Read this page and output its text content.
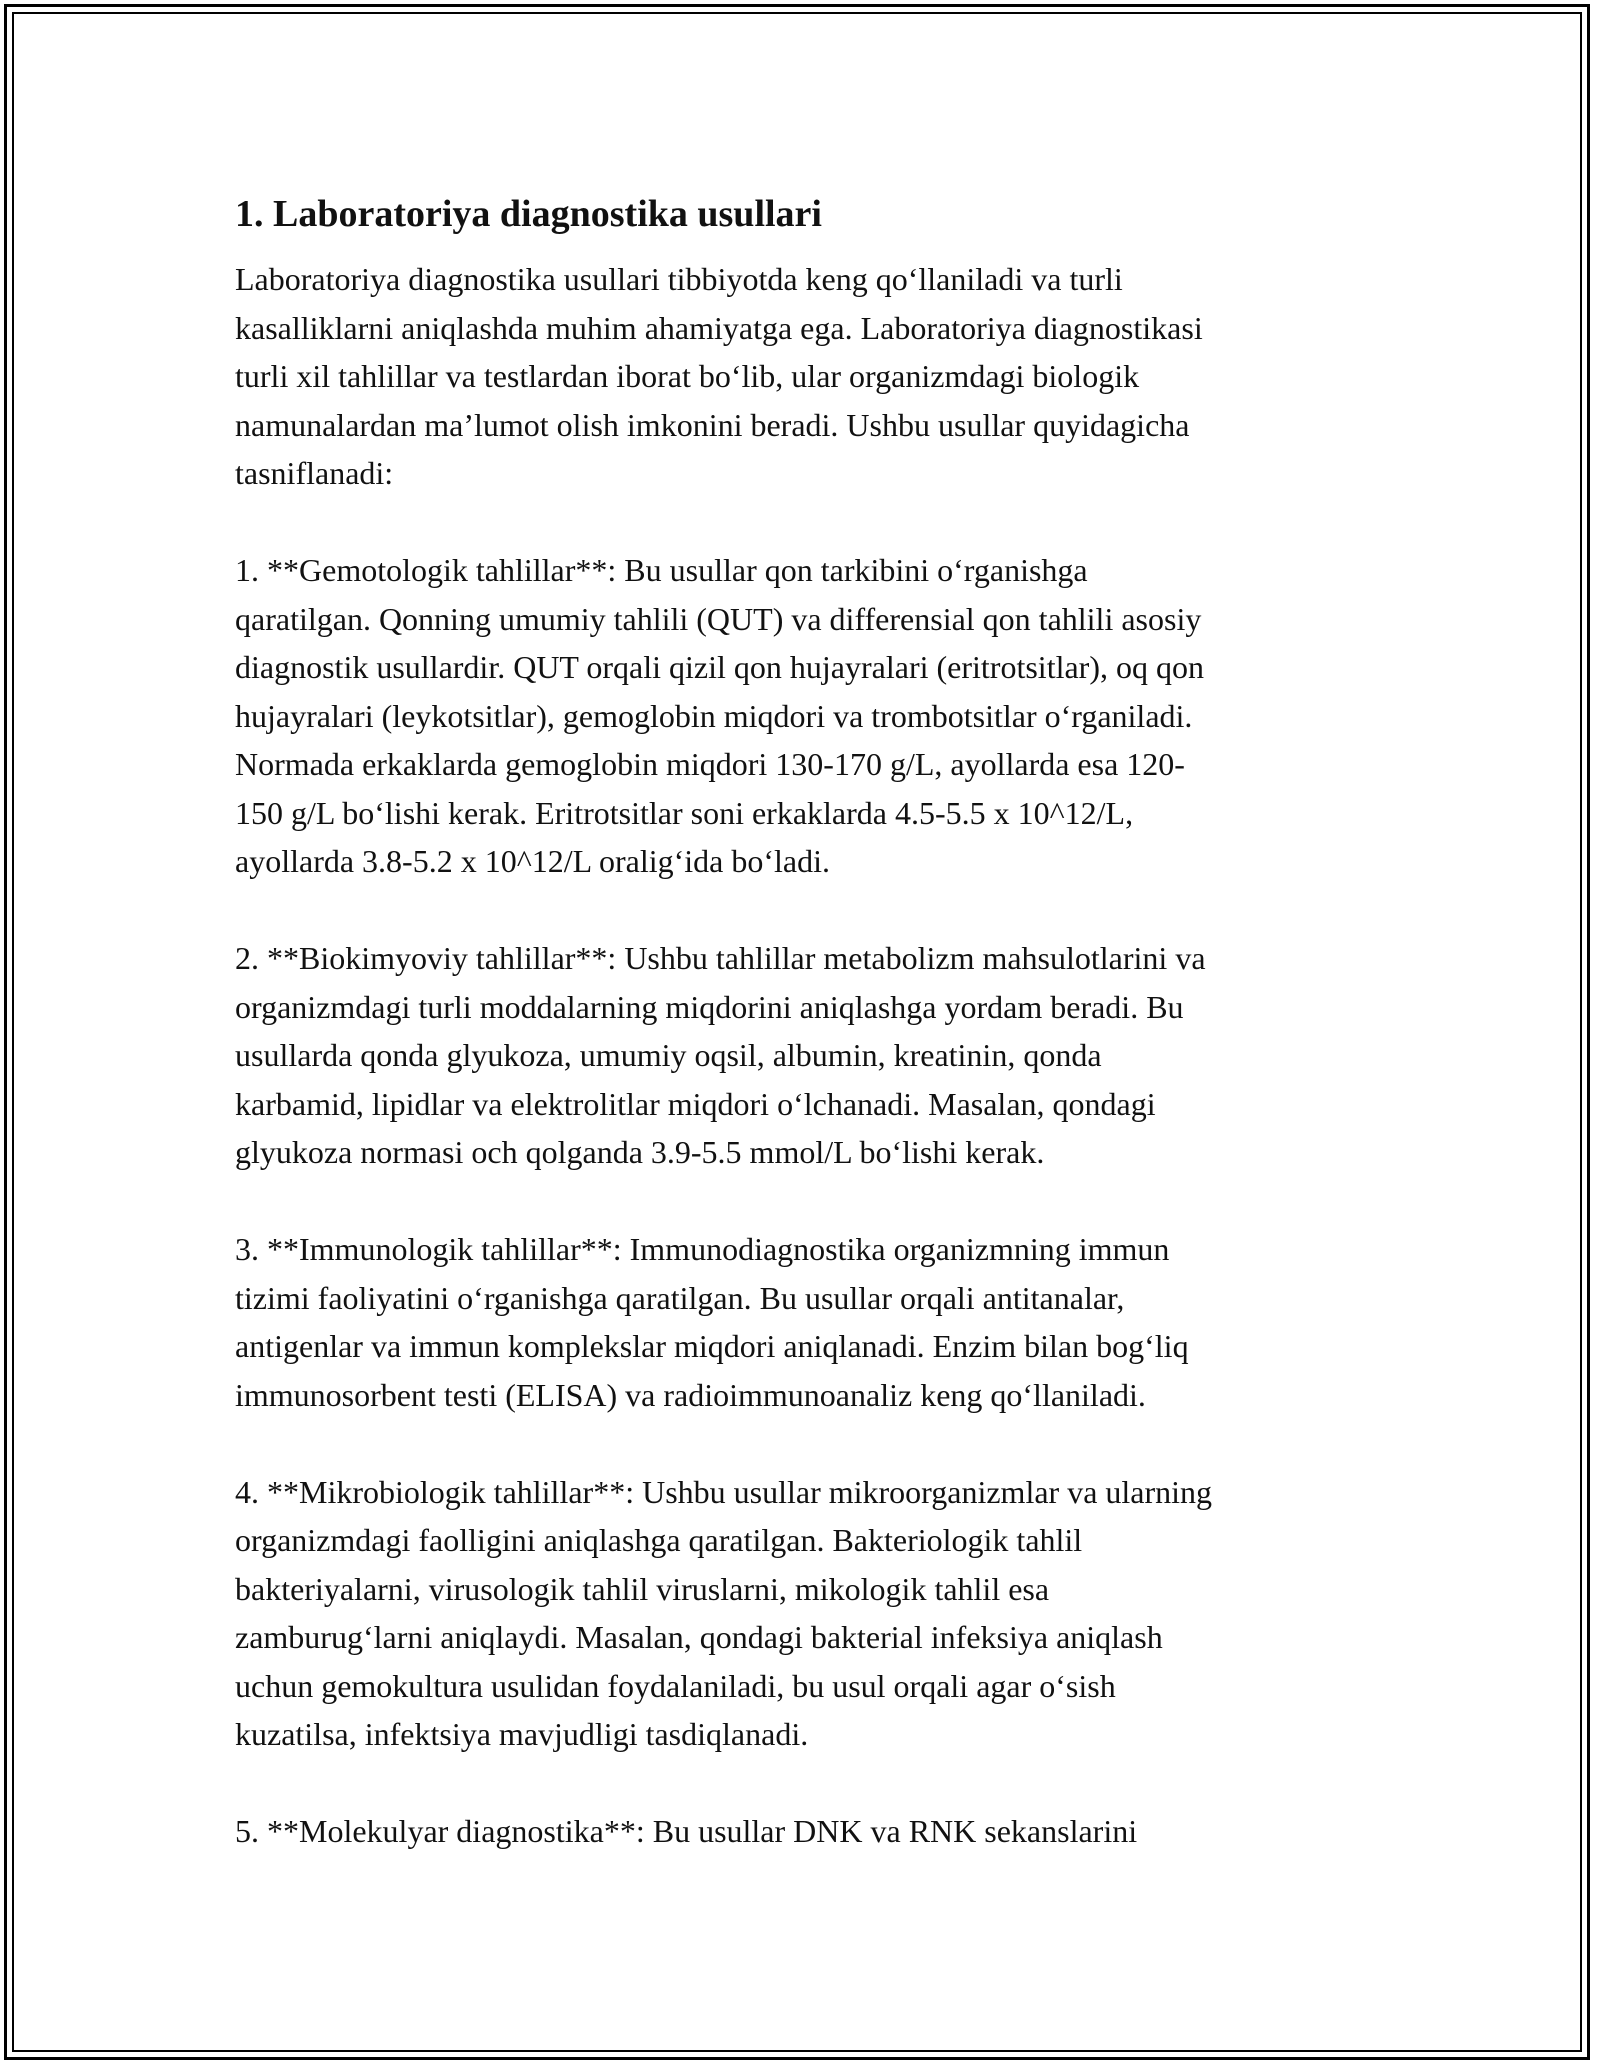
1. Laboratoriya diagnostika usullari

Laboratoriya diagnostika usullari tibbiyotda keng qo‘llaniladi va turli
kasalliklarni aniqlashda muhim ahamiyatga ega. Laboratoriya diagnostikasi
turli xil tahlillar va testlardan iborat bo‘lib, ular organizmdagi biologik
namunalardan ma’lumot olish imkonini beradi. Ushbu usullar quyidagicha
tasniflanadi:

1. **Gemotologik tahlillar**: Bu usullar qon tarkibini o‘rganishga
qaratilgan. Qonning umumiy tahlili (QUT) va differensial qon tahlili asosiy
diagnostik usullardir. QUT orqali qizil qon hujayralari (eritrotsitlar), oq qon
hujayralari (leykotsitlar), gemoglobin miqdori va trombotsitlar o‘rganiladi.
Normada erkaklarda gemoglobin miqdori 130-170 g/L, ayollarda esa 120-
150 g/L bo‘lishi kerak. Eritrotsitlar soni erkaklarda 4.5-5.5 x 10^12/L,
ayollarda 3.8-5.2 x 10^12/L oralig‘ida bo‘ladi.

2. **Biokimyoviy tahlillar**: Ushbu tahlillar metabolizm mahsulotlarini va
organizmdagi turli moddalarning miqdorini aniqlashga yordam beradi. Bu
usullarda qonda glyukoza, umumiy oqsil, albumin, kreatinin, qonda
karbamid, lipidlar va elektrolitlar miqdori o‘lchanadi. Masalan, qondagi
glyukoza normasi och qolganda 3.9-5.5 mmol/L bo‘lishi kerak.

3. **Immunologik tahlillar**: Immunodiagnostika organizmning immun
tizimi faoliyatini o‘rganishga qaratilgan. Bu usullar orqali antitanalar,
antigenlar va immun komplekslar miqdori aniqlanadi. Enzim bilan bog‘liq
immunosorbent testi (ELISA) va radioimmunoanaliz keng qo‘llaniladi.

4. **Mikrobiologik tahlillar**: Ushbu usullar mikroorganizmlar va ularning
organizmdagi faolligini aniqlashga qaratilgan. Bakteriologik tahlil
bakteriyalarni, virusologik tahlil viruslarni, mikologik tahlil esa
zamburug‘larni aniqlaydi. Masalan, qondagi bakterial infeksiya aniqlash
uchun gemokultura usulidan foydalaniladi, bu usul orqali agar o‘sish
kuzatilsa, infektsiya mavjudligi tasdiqlanadi.

5. **Molekulyar diagnostika**: Bu usullar DNK va RNK sekanslarini
